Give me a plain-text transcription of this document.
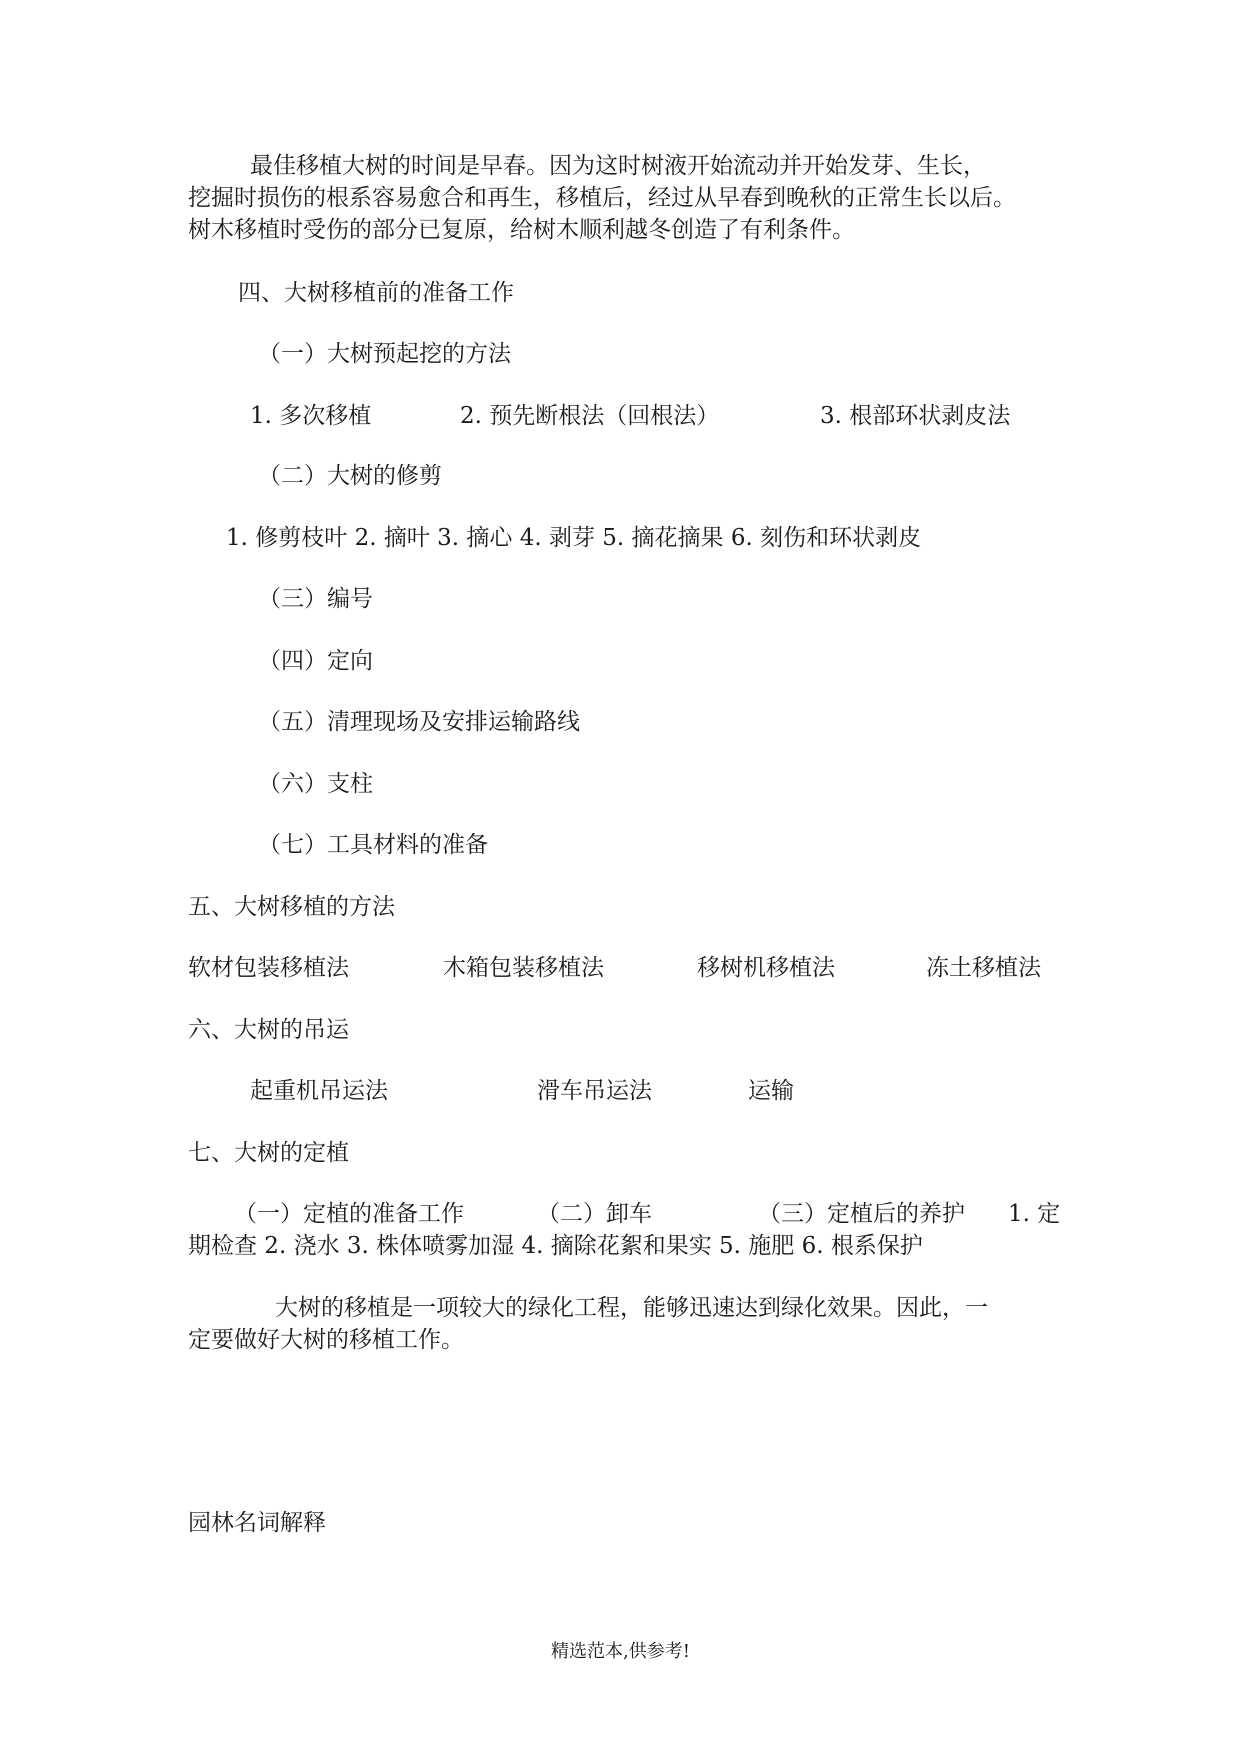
最佳移植大树的时间是早春。因为这时树液开始流动并开始发芽、生长，
挖掘时损伤的根系容易愈合和再生，移植后，经过从早春到晚秋的正常生长以后。
树木移植时受伤的部分已复原，给树木顺利越冬创造了有利条件。
四、大树移植前的准备工作
（一）大树预起挖的方法
1. 多次移植	2. 预先断根法（回根法）	3. 根部环状剥皮法
（二）大树的修剪
1. 修剪枝叶 2. 摘叶 3. 摘心 4. 剥芽 5. 摘花摘果 6. 刻伤和环状剥皮
（三）编号
（四）定向
（五）清理现场及安排运输路线
（六）支柱
（七）工具材料的准备
五、大树移植的方法
软材包装移植法	木箱包装移植法	移树机移植法	冻土移植法
六、大树的吊运
起重机吊运法	滑车吊运法	运输
七、大树的定植
（一）定植的准备工作	（二）卸车	（三）定植后的养护 1. 定
期检查 2. 浇水 3. 株体喷雾加湿 4. 摘除花絮和果实 5. 施肥 6. 根系保护
大树的移植是一项较大的绿化工程，能够迅速达到绿化效果。因此，一
定要做好大树的移植工作。
园林名词解释
精选范本,供参考!
